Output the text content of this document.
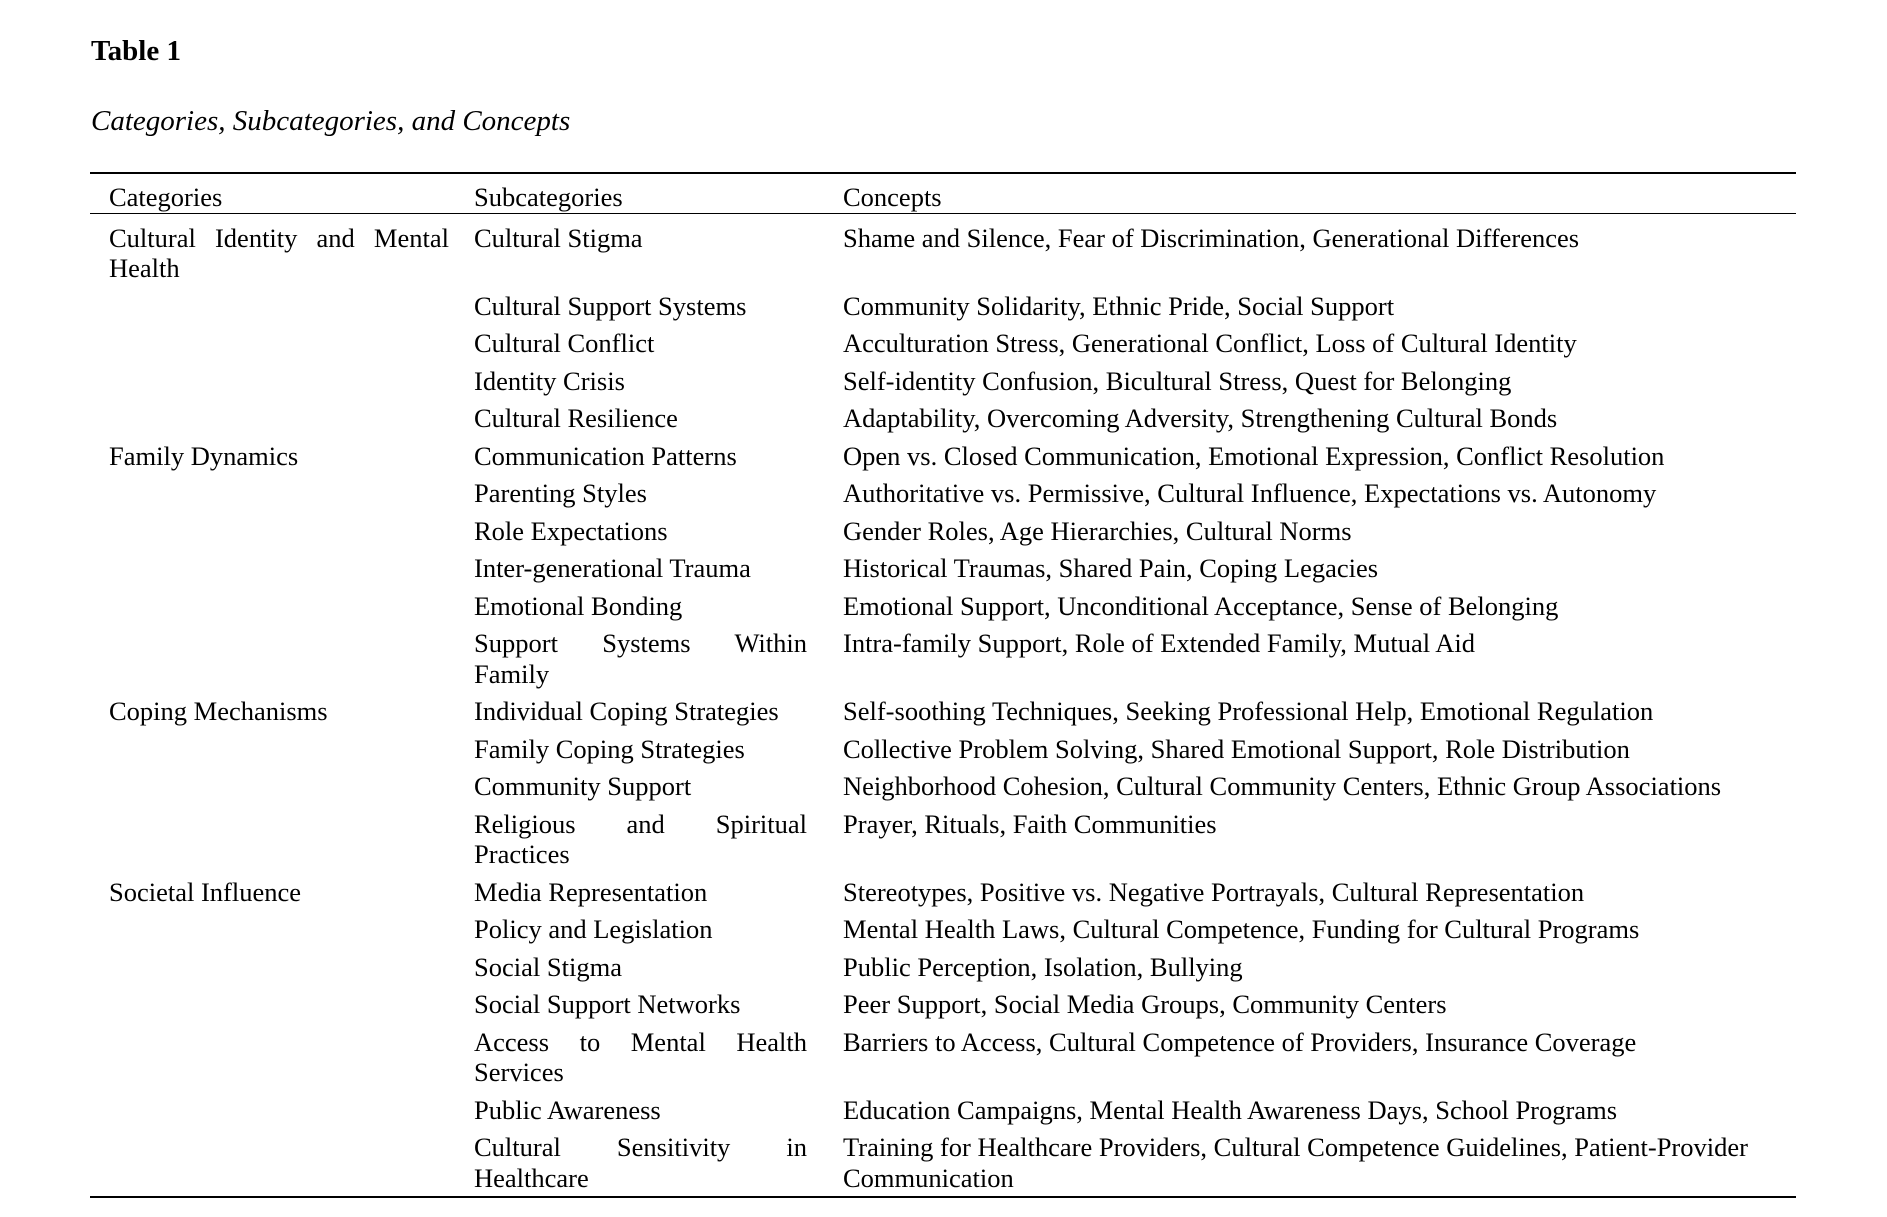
Table 1

Categories, Subcategories, and Concepts

Categories	Subcategories	Concepts
Cultural Identity and Mental Health	Cultural Stigma	Shame and Silence, Fear of Discrimination, Generational Differences
	Cultural Support Systems	Community Solidarity, Ethnic Pride, Social Support
	Cultural Conflict	Acculturation Stress, Generational Conflict, Loss of Cultural Identity
	Identity Crisis	Self-identity Confusion, Bicultural Stress, Quest for Belonging
	Cultural Resilience	Adaptability, Overcoming Adversity, Strengthening Cultural Bonds
Family Dynamics	Communication Patterns	Open vs. Closed Communication, Emotional Expression, Conflict Resolution
	Parenting Styles	Authoritative vs. Permissive, Cultural Influence, Expectations vs. Autonomy
	Role Expectations	Gender Roles, Age Hierarchies, Cultural Norms
	Inter-generational Trauma	Historical Traumas, Shared Pain, Coping Legacies
	Emotional Bonding	Emotional Support, Unconditional Acceptance, Sense of Belonging
	Support Systems Within Family	Intra-family Support, Role of Extended Family, Mutual Aid
Coping Mechanisms	Individual Coping Strategies	Self-soothing Techniques, Seeking Professional Help, Emotional Regulation
	Family Coping Strategies	Collective Problem Solving, Shared Emotional Support, Role Distribution
	Community Support	Neighborhood Cohesion, Cultural Community Centers, Ethnic Group Associations
	Religious and Spiritual Practices	Prayer, Rituals, Faith Communities
Societal Influence	Media Representation	Stereotypes, Positive vs. Negative Portrayals, Cultural Representation
	Policy and Legislation	Mental Health Laws, Cultural Competence, Funding for Cultural Programs
	Social Stigma	Public Perception, Isolation, Bullying
	Social Support Networks	Peer Support, Social Media Groups, Community Centers
	Access to Mental Health Services	Barriers to Access, Cultural Competence of Providers, Insurance Coverage
	Public Awareness	Education Campaigns, Mental Health Awareness Days, School Programs
	Cultural Sensitivity in Healthcare	Training for Healthcare Providers, Cultural Competence Guidelines, Patient-Provider Communication
